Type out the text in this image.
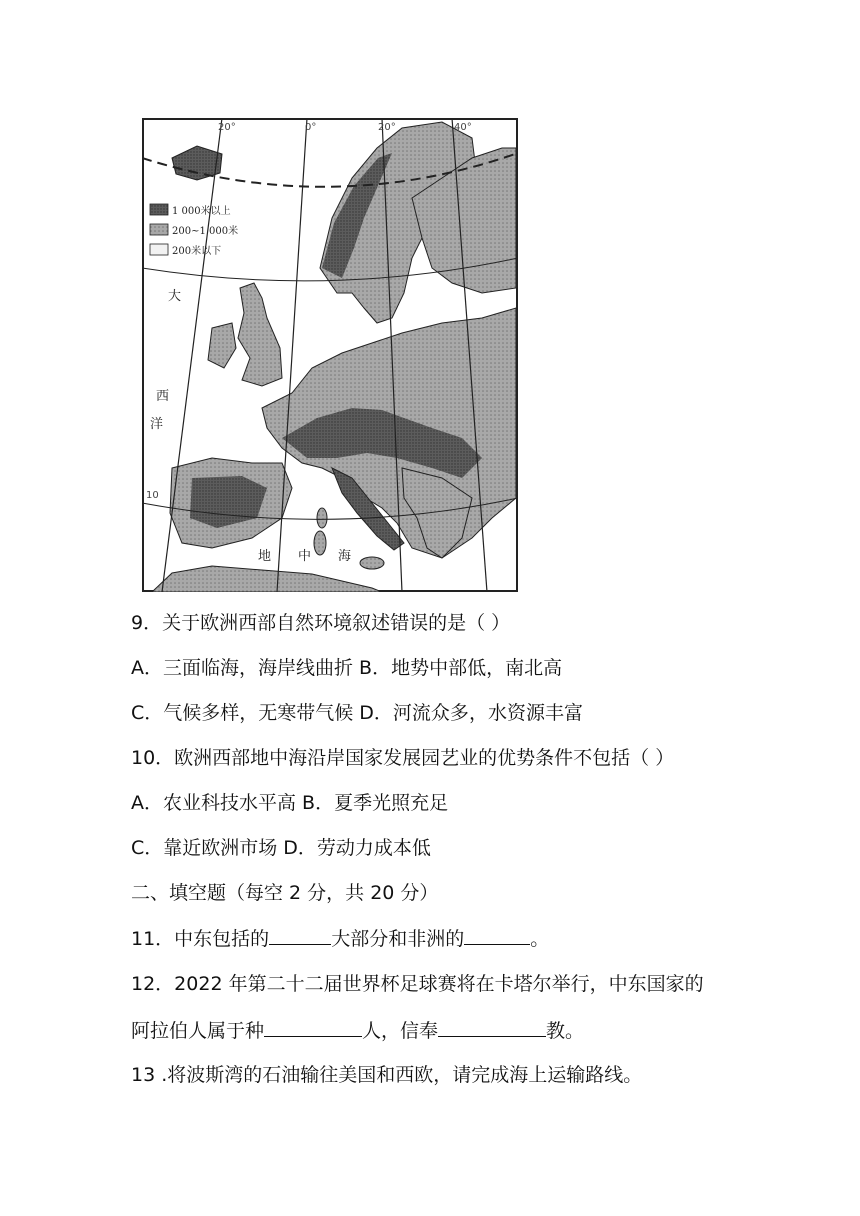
20°	0°	20°	40°
10
1 000米以上
200~1 000米
200米以下
大
西
洋
地 中 海
9．关于欧洲西部自然环境叙述错误的是（ ）
A．三面临海，海岸线曲折 B．地势中部低，南北高
C．气候多样，无寒带气候 D．河流众多，水资源丰富
10．欧洲西部地中海沿岸国家发展园艺业的优势条件不包括（ ）
A．农业科技水平高 B．夏季光照充足
C．靠近欧洲市场 D．劳动力成本低
二、填空题（每空 2 分，共 20 分）
11．中东包括的	大部分和非洲的	。
12．2022 年第二十二届世界杯足球赛将在卡塔尔举行，中东国家的
阿拉伯人属于种	人，信奉	教。
13 .将波斯湾的石油输往美国和西欧，请完成海上运输路线。
